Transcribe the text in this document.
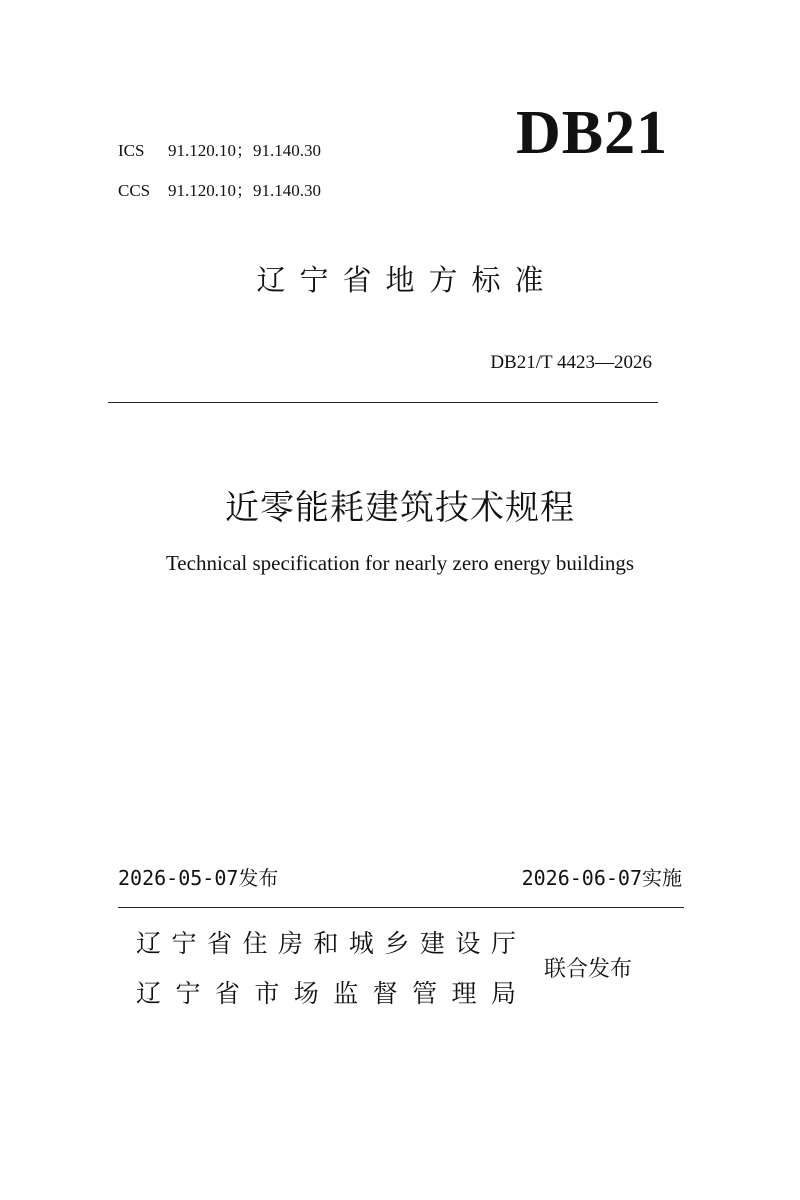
ICS 91.120.10；91.140.30
CCS 91.120.10；91.140.30
DB21
辽宁省地方标准
DB21/T 4423—2026
近零能耗建筑技术规程
Technical specification for nearly zero energy buildings
2026-05-07发布	2026-06-07实施
辽 宁 省 住 房 和 城 乡 建 设 厅
辽 宁 省 市 场 监 督 管 理 局
联合发布
